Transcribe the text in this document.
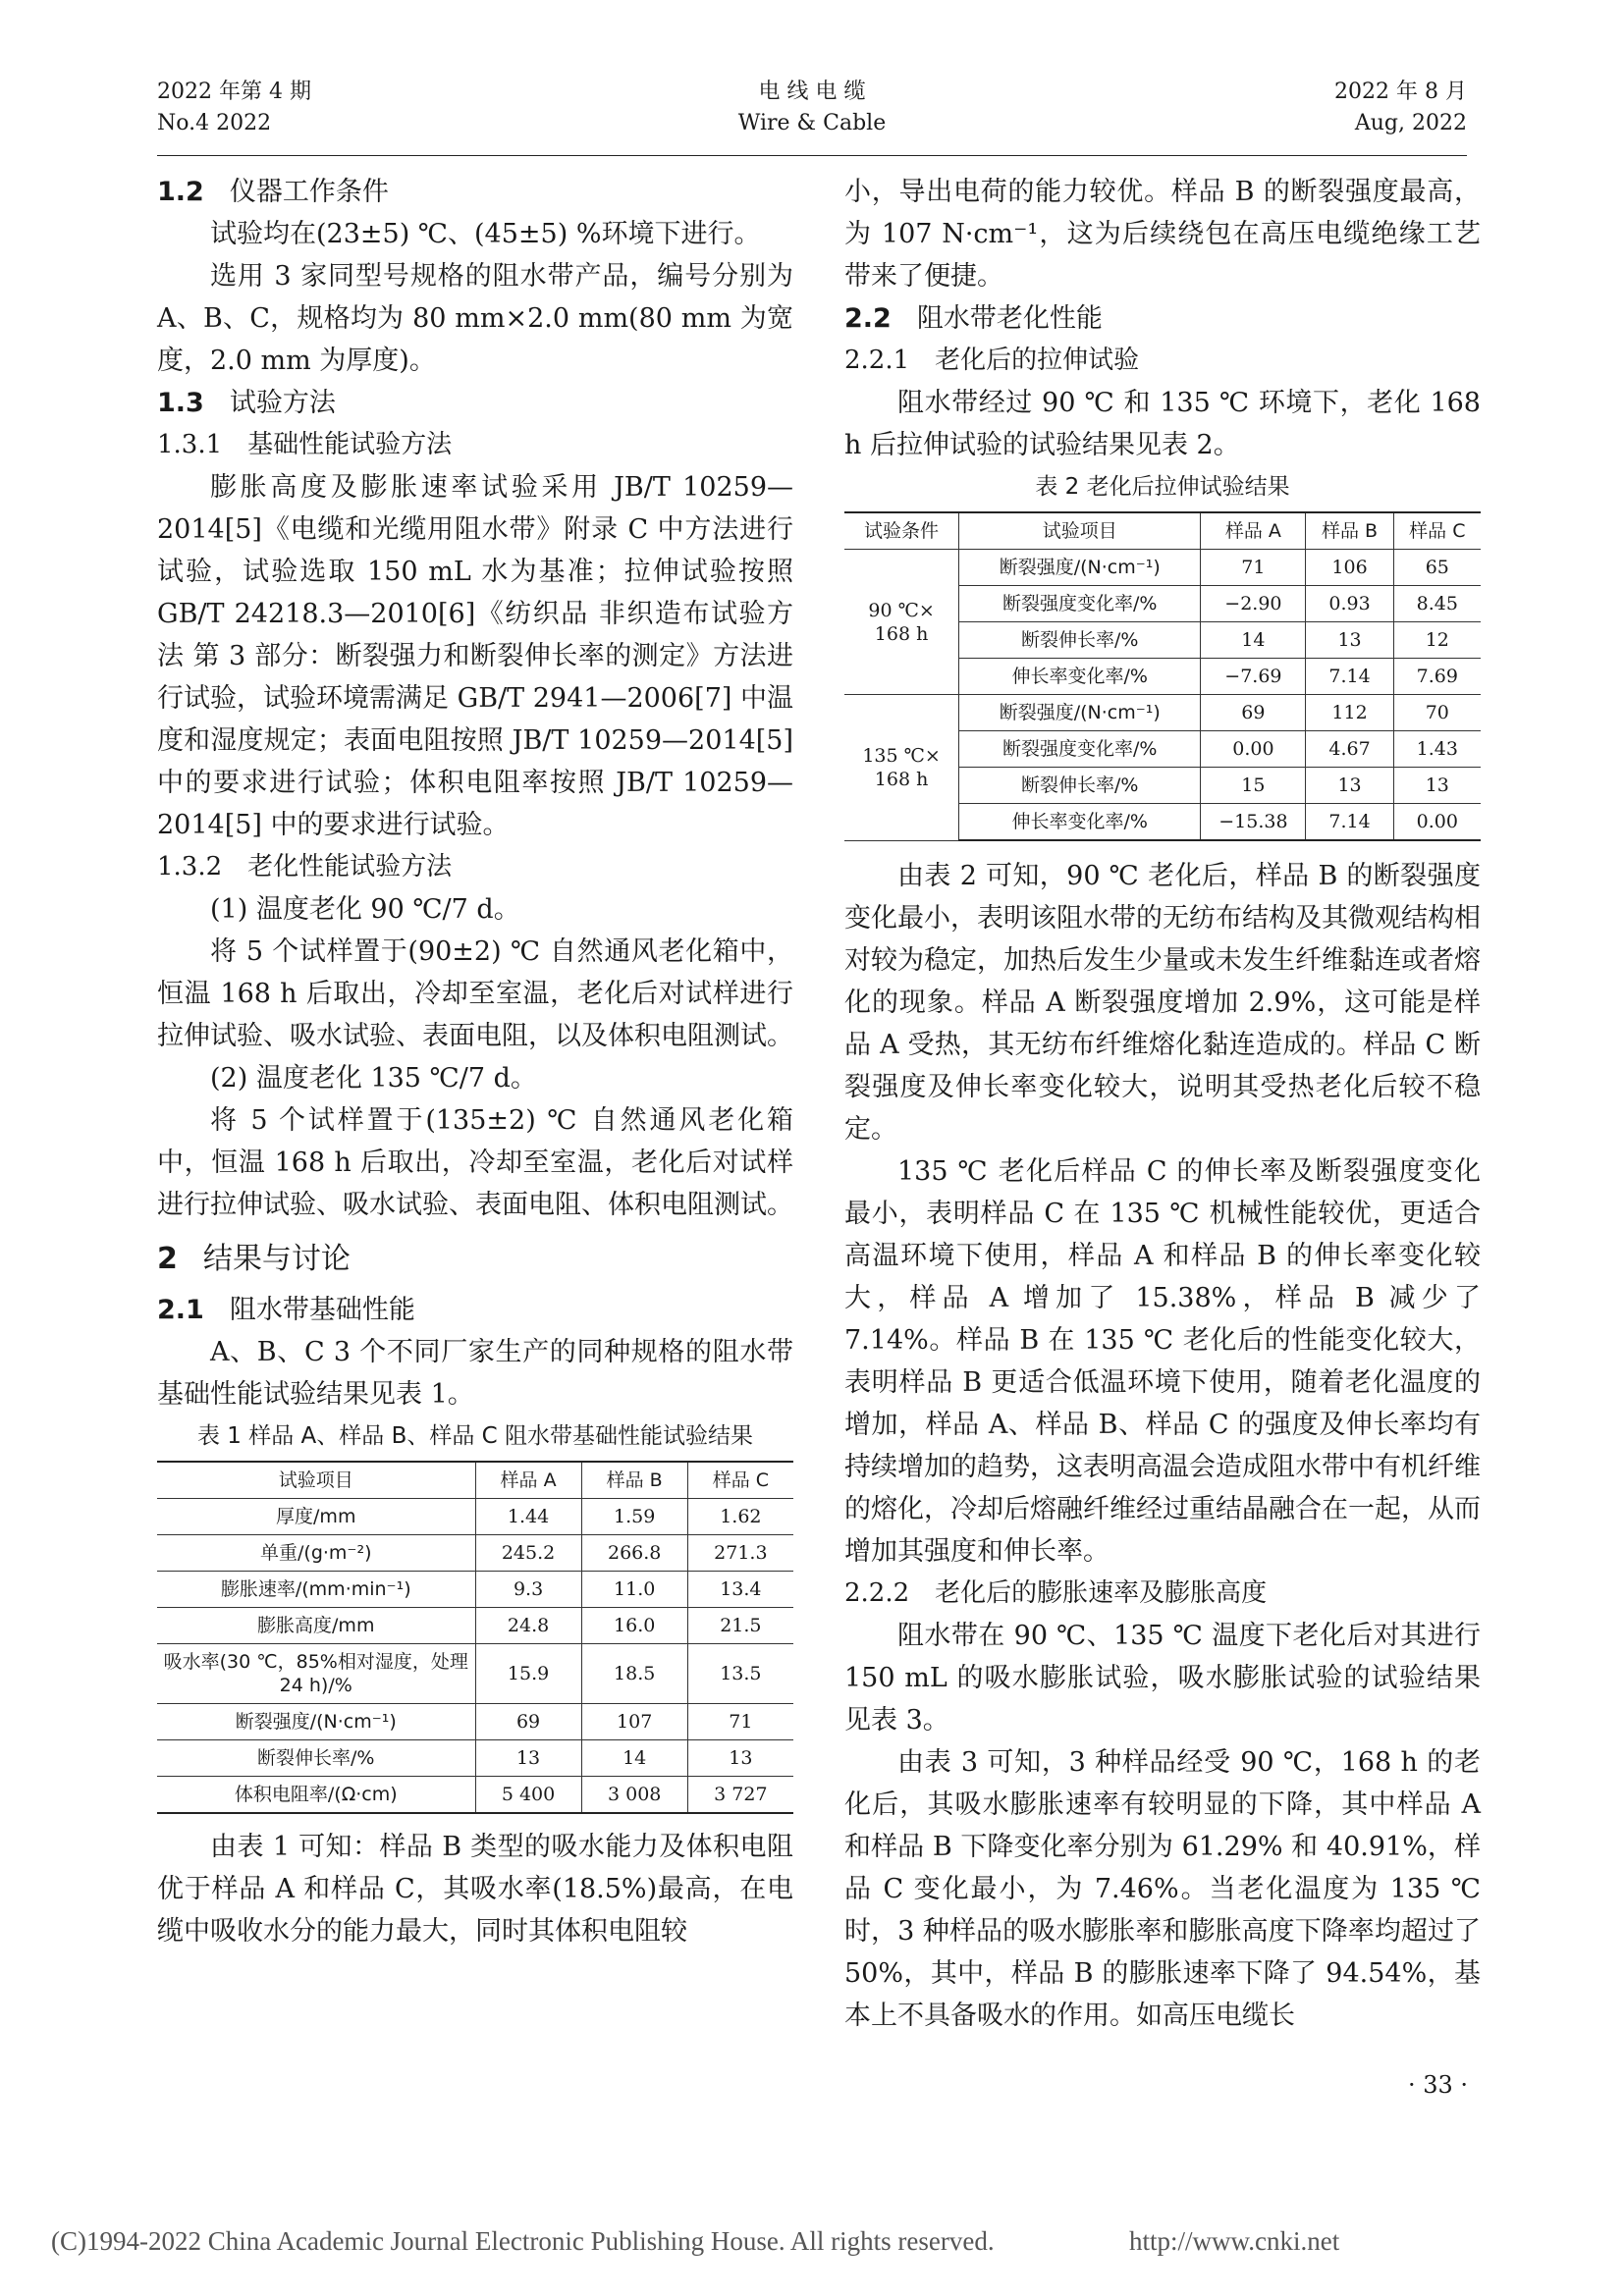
2022 年第 4 期
No.4 2022
电 线 电 缆
Wire & Cable
2022 年 8 月
Aug, 2022
1.2 仪器工作条件

试验均在(23±5) ℃、(45±5) %环境下进行。

选用 3 家同型号规格的阻水带产品，编号分别为 A、B、C，规格均为 80 mm×2.0 mm(80 mm 为宽度，2.0 mm 为厚度)。

1.3 试验方法
1.3.1 基础性能试验方法

膨胀高度及膨胀速率试验采用 JB/T 10259—2014[5]《电缆和光缆用阻水带》附录 C 中方法进行试验，试验选取 150 mL 水为基准；拉伸试验按照 GB/T 24218.3—2010[6]《纺织品 非织造布试验方法 第 3 部分：断裂强力和断裂伸长率的测定》方法进行试验，试验环境需满足 GB/T 2941—2006[7] 中温度和湿度规定；表面电阻按照 JB/T 10259—2014[5] 中的要求进行试验；体积电阻率按照 JB/T 10259—2014[5] 中的要求进行试验。

1.3.2 老化性能试验方法

(1) 温度老化 90 ℃/7 d。

将 5 个试样置于(90±2) ℃ 自然通风老化箱中，恒温 168 h 后取出，冷却至室温，老化后对试样进行拉伸试验、吸水试验、表面电阻，以及体积电阻测试。

(2) 温度老化 135 ℃/7 d。

将 5 个试样置于(135±2) ℃ 自然通风老化箱中，恒温 168 h 后取出，冷却至室温，老化后对试样进行拉伸试验、吸水试验、表面电阻、体积电阻测试。

2 结果与讨论
2.1 阻水带基础性能

A、B、C 3 个不同厂家生产的同种规格的阻水带基础性能试验结果见表 1。

表 1 样品 A、样品 B、样品 C 阻水带基础性能试验结果
试验项目	样品 A	样品 B	样品 C
厚度/mm	1.44	1.59	1.62
单重/(g·m⁻²)	245.2	266.8	271.3
膨胀速率/(mm·min⁻¹)	9.3	11.0	13.4
膨胀高度/mm	24.8	16.0	21.5
吸水率(30 ℃，85%相对湿度，处理 24 h)/%	15.9	18.5	13.5
断裂强度/(N·cm⁻¹)	69	107	71
断裂伸长率/%	13	14	13
体积电阻率/(Ω·cm)	5 400	3 008	3 727

由表 1 可知：样品 B 类型的吸水能力及体积电阻优于样品 A 和样品 C，其吸水率(18.5%)最高，在电缆中吸收水分的能力最大，同时其体积电阻较

小，导出电荷的能力较优。样品 B 的断裂强度最高，为 107 N·cm⁻¹，这为后续绕包在高压电缆绝缘工艺带来了便捷。

2.2 阻水带老化性能
2.2.1 老化后的拉伸试验

阻水带经过 90 ℃ 和 135 ℃ 环境下，老化 168 h 后拉伸试验的试验结果见表 2。

表 2 老化后拉伸试验结果
试验条件	试验项目	样品 A	样品 B	样品 C
90 ℃×
168 h	断裂强度/(N·cm⁻¹)	71	106	65
	断裂强度变化率/%	−2.90	0.93	8.45
	断裂伸长率/%	14	13	12
	伸长率变化率/%	−7.69	7.14	7.69
135 ℃×
168 h	断裂强度/(N·cm⁻¹)	69	112	70
	断裂强度变化率/%	0.00	4.67	1.43
	断裂伸长率/%	15	13	13
	伸长率变化率/%	−15.38	7.14	0.00

由表 2 可知，90 ℃ 老化后，样品 B 的断裂强度变化最小，表明该阻水带的无纺布结构及其微观结构相对较为稳定，加热后发生少量或未发生纤维黏连或者熔化的现象。样品 A 断裂强度增加 2.9%，这可能是样品 A 受热，其无纺布纤维熔化黏连造成的。样品 C 断裂强度及伸长率变化较大，说明其受热老化后较不稳定。

135 ℃ 老化后样品 C 的伸长率及断裂强度变化最小，表明样品 C 在 135 ℃ 机械性能较优，更适合高温环境下使用，样品 A 和样品 B 的伸长率变化较大，样品 A 增加了 15.38%，样品 B 减少了 7.14%。样品 B 在 135 ℃ 老化后的性能变化较大，表明样品 B 更适合低温环境下使用，随着老化温度的增加，样品 A、样品 B、样品 C 的强度及伸长率均有持续增加的趋势，这表明高温会造成阻水带中有机纤维的熔化，冷却后熔融纤维经过重结晶融合在一起，从而增加其强度和伸长率。

2.2.2 老化后的膨胀速率及膨胀高度

阻水带在 90 ℃、135 ℃ 温度下老化后对其进行 150 mL 的吸水膨胀试验，吸水膨胀试验的试验结果见表 3。

由表 3 可知，3 种样品经受 90 ℃，168 h 的老化后，其吸水膨胀速率有较明显的下降，其中样品 A 和样品 B 下降变化率分别为 61.29% 和 40.91%，样品 C 变化最小，为 7.46%。当老化温度为 135 ℃ 时，3 种样品的吸水膨胀率和膨胀高度下降率均超过了 50%，其中，样品 B 的膨胀速率下降了 94.54%，基本上不具备吸水的作用。如高压电缆长

· 33 ·
(C)1994-2022 China Academic Journal Electronic Publishing House. All rights reserved.	http://www.cnki.net
